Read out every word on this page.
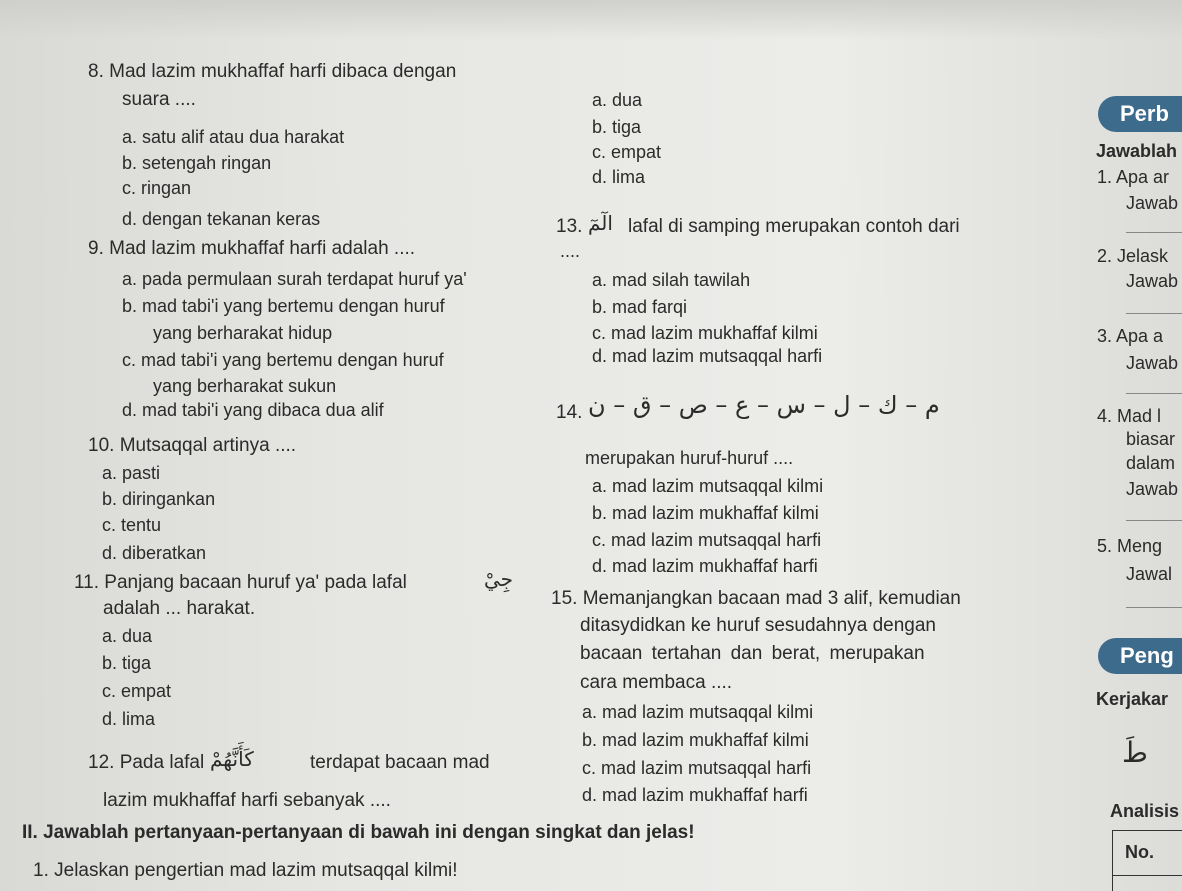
8. Mad lazim mukhaffaf harfi dibaca dengan
suara ....
a. satu alif atau dua harakat
b. setengah ringan
c. ringan
d. dengan tekanan keras
9. Mad lazim mukhaffaf harfi adalah ....
a. pada permulaan surah terdapat huruf ya'
b. mad tabi'i yang bertemu dengan huruf
yang berharakat hidup
c. mad tabi'i yang bertemu dengan huruf
yang berharakat sukun
d. mad tabi'i yang dibaca dua alif
10. Mutsaqqal artinya ....
a. pasti
b. diringankan
c. tentu
d. diberatkan
11. Panjang bacaan huruf ya' pada lafal	جِيْ
adalah ... harakat.
a. dua
b. tiga
c. empat
d. lima
12. Pada lafal كَأَنَّهُمْ	terdapat bacaan mad
lazim mukhaffaf harfi sebanyak ....
II. Jawablah pertanyaan-pertanyaan di bawah ini dengan singkat dan jelas!
1. Jelaskan pengertian mad lazim mutsaqqal kilmi!
a. dua
b. tiga
c. empat
d. lima
13. الٓمٓ lafal di samping merupakan contoh dari
....
a. mad silah tawilah
b. mad farqi
c. mad lazim mukhaffaf kilmi
d. mad lazim mutsaqqal harfi
14. م – ك – ل – س – ع – ص – ق – ن
merupakan huruf-huruf ....
a. mad lazim mutsaqqal kilmi
b. mad lazim mukhaffaf kilmi
c. mad lazim mutsaqqal harfi
d. mad lazim mukhaffaf harfi
15. Memanjangkan bacaan mad 3 alif, kemudian
ditasydidkan ke huruf sesudahnya dengan
bacaan tertahan dan berat, merupakan
cara membaca ....
a. mad lazim mutsaqqal kilmi
b. mad lazim mukhaffaf kilmi
c. mad lazim mutsaqqal harfi
d. mad lazim mukhaffaf harfi
Perb
Jawablah
1. Apa ar
Jawab
2. Jelask
Jawab
3. Apa a
Jawab
4. Mad l
biasar
dalam
Jawab
5. Meng
Jawal
Peng
Kerjakar
طَ
Analisis
No.
